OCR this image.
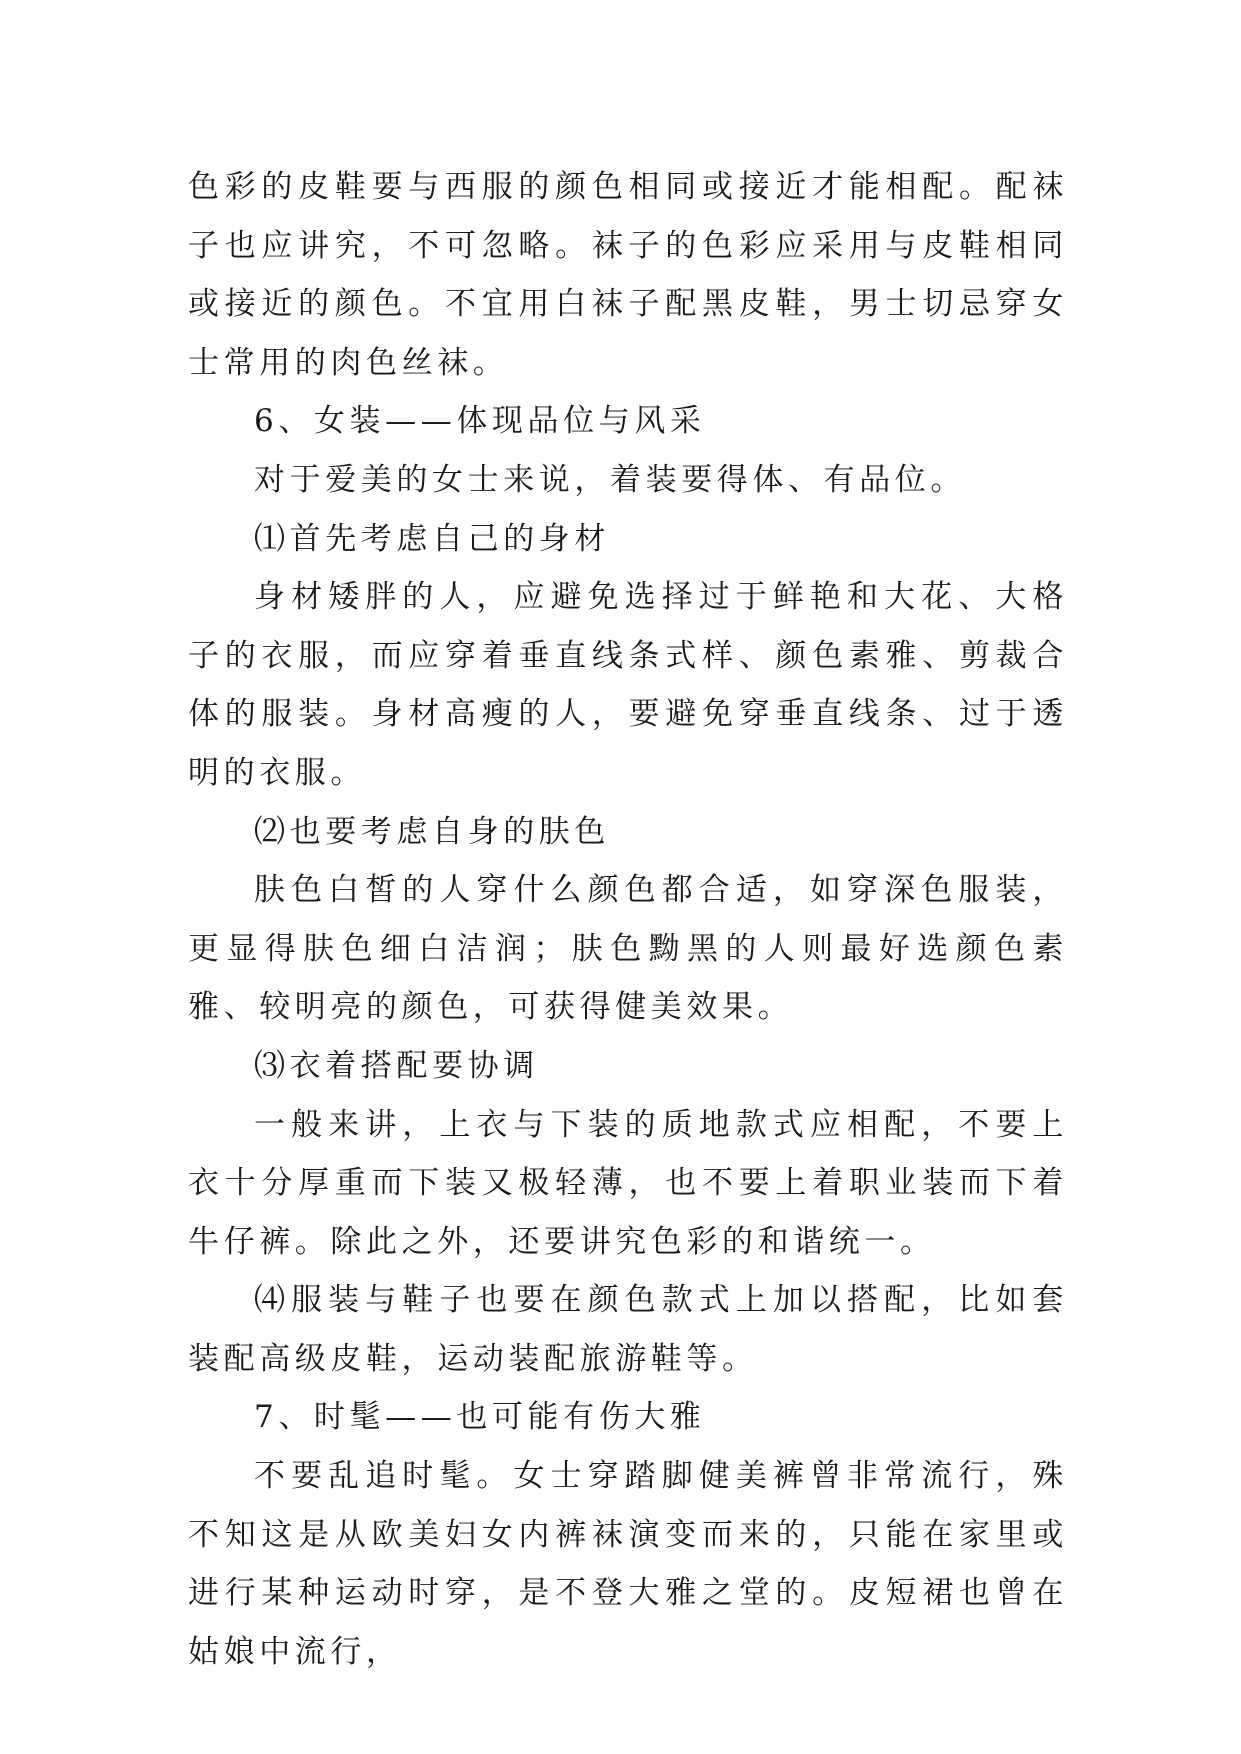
色彩的皮鞋要与西服的颜色相同或接近才能相配。配袜子也应讲究，不可忽略。袜子的色彩应采用与皮鞋相同或接近的颜色。不宜用白袜子配黑皮鞋，男士切忌穿女士常用的肉色丝袜。

6、女装——体现品位与风采

对于爱美的女士来说，着装要得体、有品位。

⑴首先考虑自己的身材

身材矮胖的人，应避免选择过于鲜艳和大花、大格子的衣服，而应穿着垂直线条式样、颜色素雅、剪裁合体的服装。身材高瘦的人，要避免穿垂直线条、过于透明的衣服。

⑵也要考虑自身的肤色

肤色白皙的人穿什么颜色都合适，如穿深色服装，更显得肤色细白洁润；肤色黝黑的人则最好选颜色素雅、较明亮的颜色，可获得健美效果。

⑶衣着搭配要协调

一般来讲，上衣与下装的质地款式应相配，不要上衣十分厚重而下装又极轻薄，也不要上着职业装而下着牛仔裤。除此之外，还要讲究色彩的和谐统一。

⑷服装与鞋子也要在颜色款式上加以搭配，比如套装配高级皮鞋，运动装配旅游鞋等。

7、时髦——也可能有伤大雅

不要乱追时髦。女士穿踏脚健美裤曾非常流行，殊不知这是从欧美妇女内裤袜演变而来的，只能在家里或进行某种运动时穿，是不登大雅之堂的。皮短裙也曾在姑娘中流行，
